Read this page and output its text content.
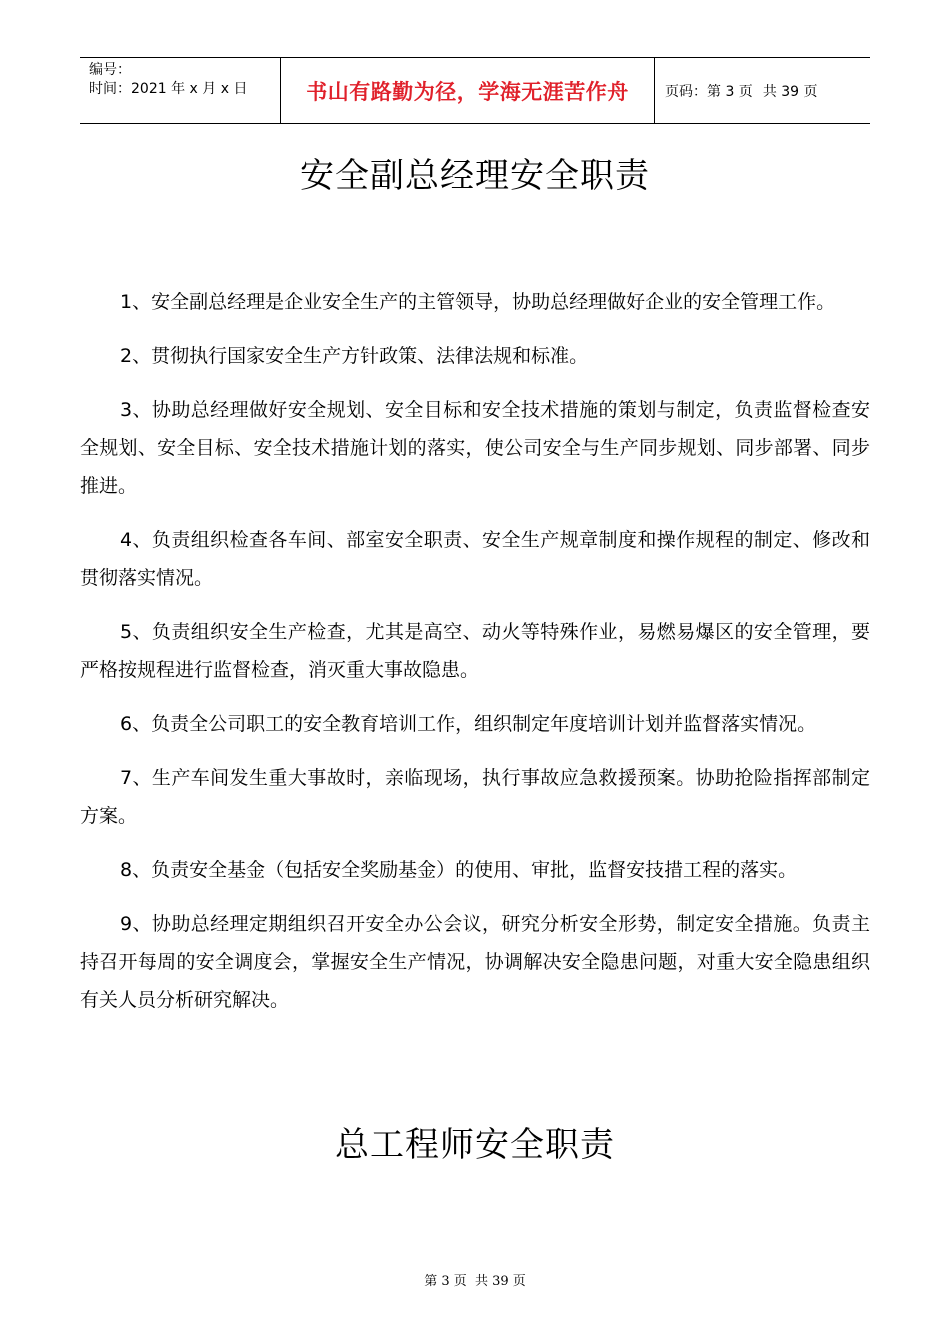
编号：
时间：2021 年 x 月 x 日	书山有路勤为径，学海无涯苦作舟	页码：第 3 页 共 39 页
安全副总经理安全职责

1、安全副总经理是企业安全生产的主管领导，协助总经理做好企业的安全管理工作。

2、贯彻执行国家安全生产方针政策、法律法规和标准。

3、协助总经理做好安全规划、安全目标和安全技术措施的策划与制定，负责监督检查安全规划、安全目标、安全技术措施计划的落实，使公司安全与生产同步规划、同步部署、同步推进。

4、负责组织检查各车间、部室安全职责、安全生产规章制度和操作规程的制定、修改和贯彻落实情况。

5、负责组织安全生产检查，尤其是高空、动火等特殊作业，易燃易爆区的安全管理，要严格按规程进行监督检查，消灭重大事故隐患。

6、负责全公司职工的安全教育培训工作，组织制定年度培训计划并监督落实情况。

7、生产车间发生重大事故时，亲临现场，执行事故应急救援预案。协助抢险指挥部制定方案。

8、负责安全基金（包括安全奖励基金）的使用、审批，监督安技措工程的落实。

9、协助总经理定期组织召开安全办公会议，研究分析安全形势，制定安全措施。负责主持召开每周的安全调度会，掌握安全生产情况，协调解决安全隐患问题，对重大安全隐患组织有关人员分析研究解决。

总工程师安全职责
第 3 页 共 39 页
